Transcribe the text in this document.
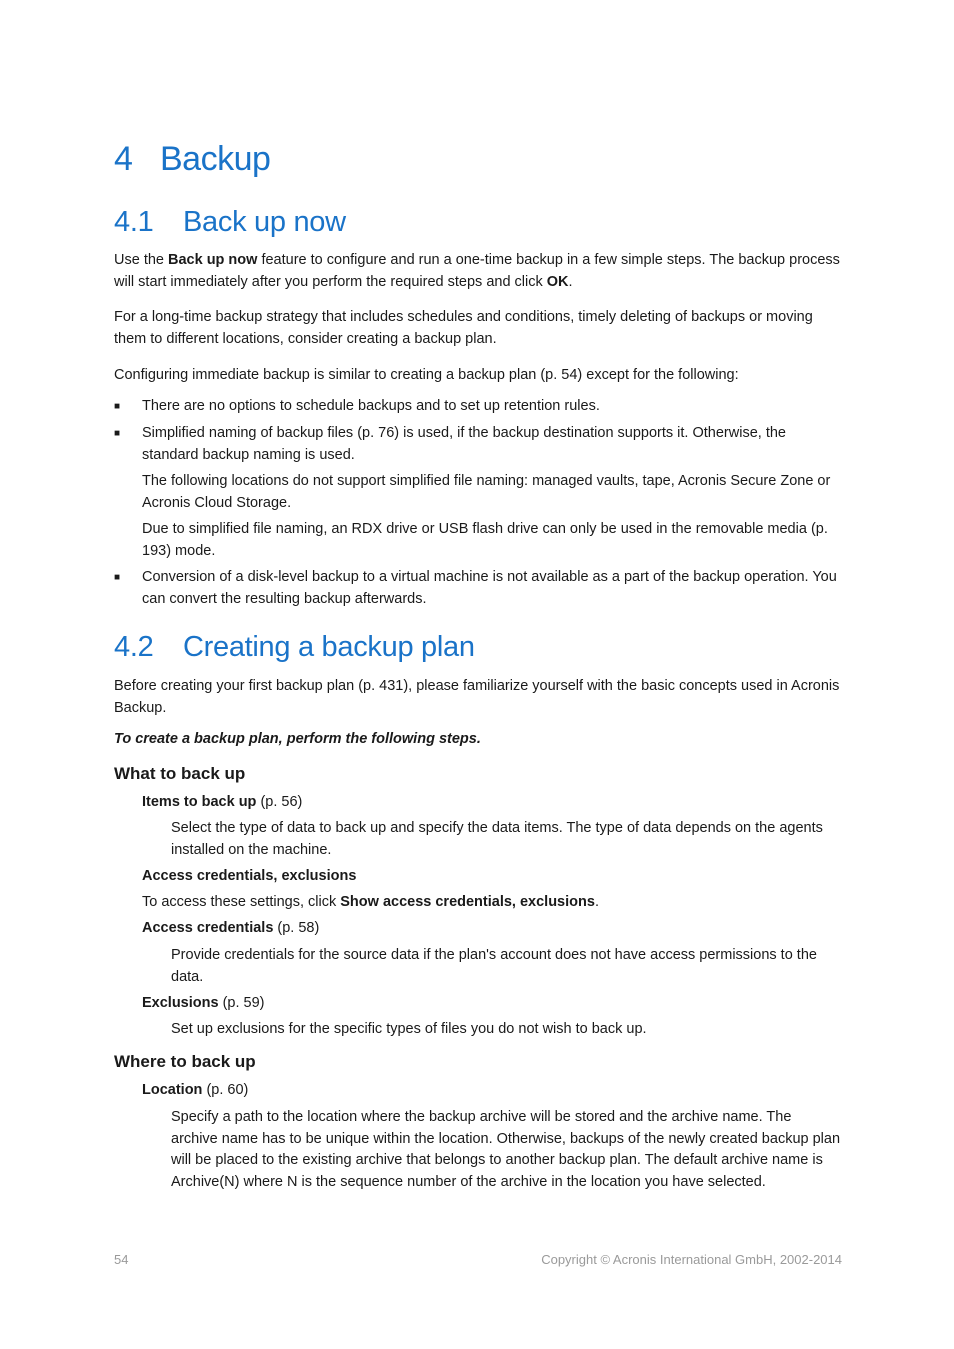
4 Backup
4.1 Back up now
Use the Back up now feature to configure and run a one-time backup in a few simple steps. The backup process will start immediately after you perform the required steps and click OK.
For a long-time backup strategy that includes schedules and conditions, timely deleting of backups or moving them to different locations, consider creating a backup plan.
Configuring immediate backup is similar to creating a backup plan (p. 54) except for the following:
■ There are no options to schedule backups and to set up retention rules.
■ Simplified naming of backup files (p. 76) is used, if the backup destination supports it. Otherwise, the standard backup naming is used.
The following locations do not support simplified file naming: managed vaults, tape, Acronis Secure Zone or Acronis Cloud Storage.
Due to simplified file naming, an RDX drive or USB flash drive can only be used in the removable media (p. 193) mode.
■ Conversion of a disk-level backup to a virtual machine is not available as a part of the backup operation. You can convert the resulting backup afterwards.
4.2 Creating a backup plan
Before creating your first backup plan (p. 431), please familiarize yourself with the basic concepts used in Acronis Backup.
To create a backup plan, perform the following steps.
What to back up
Items to back up (p. 56)
Select the type of data to back up and specify the data items. The type of data depends on the agents installed on the machine.
Access credentials, exclusions
To access these settings, click Show access credentials, exclusions.
Access credentials (p. 58)
Provide credentials for the source data if the plan's account does not have access permissions to the data.
Exclusions (p. 59)
Set up exclusions for the specific types of files you do not wish to back up.
Where to back up
Location (p. 60)
Specify a path to the location where the backup archive will be stored and the archive name. The archive name has to be unique within the location. Otherwise, backups of the newly created backup plan will be placed to the existing archive that belongs to another backup plan. The default archive name is Archive(N) where N is the sequence number of the archive in the location you have selected.
54	Copyright © Acronis International GmbH, 2002-2014
